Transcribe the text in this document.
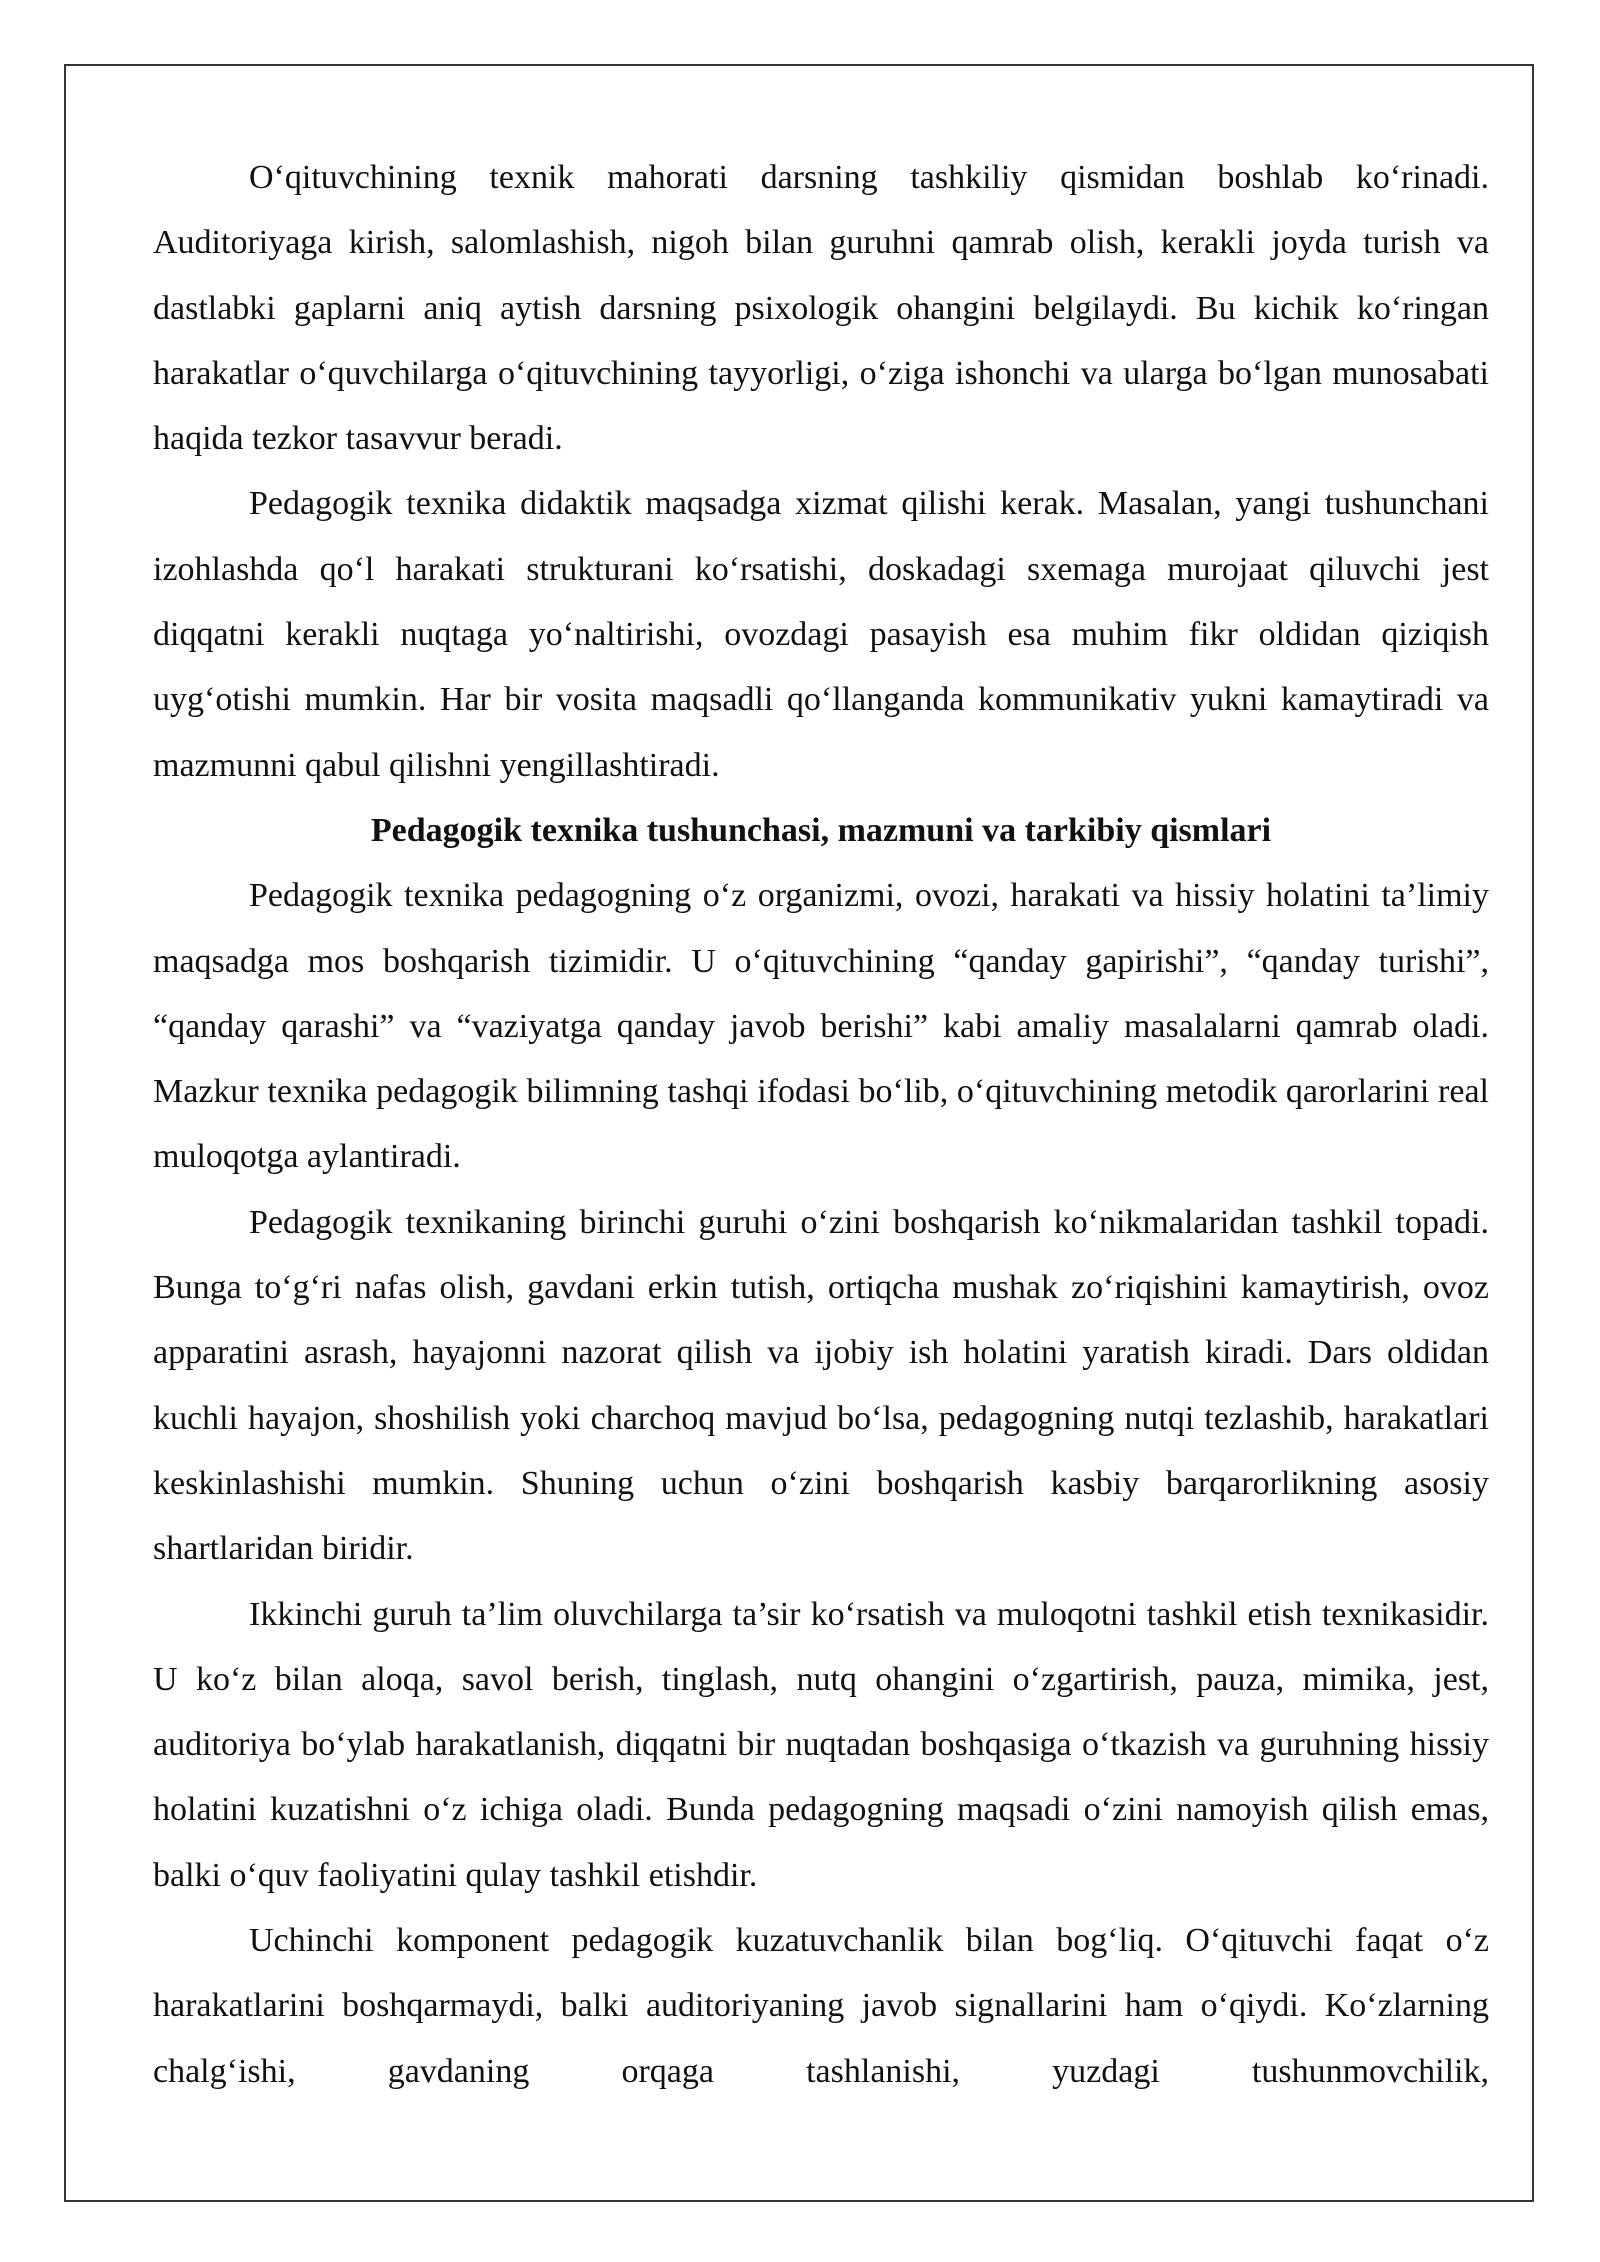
O‘qituvchining texnik mahorati darsning tashkiliy qismidan boshlab ko‘rinadi. Auditoriyaga kirish, salomlashish, nigoh bilan guruhni qamrab olish, kerakli joyda turish va dastlabki gaplarni aniq aytish darsning psixologik ohangini belgilaydi. Bu kichik ko‘ringan harakatlar o‘quvchilarga o‘qituvchining tayyorligi, o‘ziga ishonchi va ularga bo‘lgan munosabati haqida tezkor tasavvur beradi.

Pedagogik texnika didaktik maqsadga xizmat qilishi kerak. Masalan, yangi tushunchani izohlashda qo‘l harakati strukturani ko‘rsatishi, doskadagi sxemaga murojaat qiluvchi jest diqqatni kerakli nuqtaga yo‘naltirishi, ovozdagi pasayish esa muhim fikr oldidan qiziqish uyg‘otishi mumkin. Har bir vosita maqsadli qo‘llanganda kommunikativ yukni kamaytiradi va mazmunni qabul qilishni yengillashtiradi.

Pedagogik texnika tushunchasi, mazmuni va tarkibiy qismlari

Pedagogik texnika pedagogning o‘z organizmi, ovozi, harakati va hissiy holatini ta’limiy maqsadga mos boshqarish tizimidir. U o‘qituvchining “qanday gapirishi”, “qanday turishi”, “qanday qarashi” va “vaziyatga qanday javob berishi” kabi amaliy masalalarni qamrab oladi. Mazkur texnika pedagogik bilimning tashqi ifodasi bo‘lib, o‘qituvchining metodik qarorlarini real muloqotga aylantiradi.

Pedagogik texnikaning birinchi guruhi o‘zini boshqarish ko‘nikmalaridan tashkil topadi. Bunga to‘g‘ri nafas olish, gavdani erkin tutish, ortiqcha mushak zo‘riqishini kamaytirish, ovoz apparatini asrash, hayajonni nazorat qilish va ijobiy ish holatini yaratish kiradi. Dars oldidan kuchli hayajon, shoshilish yoki charchoq mavjud bo‘lsa, pedagogning nutqi tezlashib, harakatlari keskinlashishi mumkin. Shuning uchun o‘zini boshqarish kasbiy barqarorlikning asosiy shartlaridan biridir.

Ikkinchi guruh ta’lim oluvchilarga ta’sir ko‘rsatish va muloqotni tashkil etish texnikasidir. U ko‘z bilan aloqa, savol berish, tinglash, nutq ohangini o‘zgartirish, pauza, mimika, jest, auditoriya bo‘ylab harakatlanish, diqqatni bir nuqtadan boshqasiga o‘tkazish va guruhning hissiy holatini kuzatishni o‘z ichiga oladi. Bunda pedagogning maqsadi o‘zini namoyish qilish emas, balki o‘quv faoliyatini qulay tashkil etishdir.

Uchinchi komponent pedagogik kuzatuvchanlik bilan bog‘liq. O‘qituvchi faqat o‘z harakatlarini boshqarmaydi, balki auditoriyaning javob signallarini ham o‘qiydi. Ko‘zlarning chalg‘ishi, gavdaning orqaga tashlanishi, yuzdagi tushunmovchilik,
